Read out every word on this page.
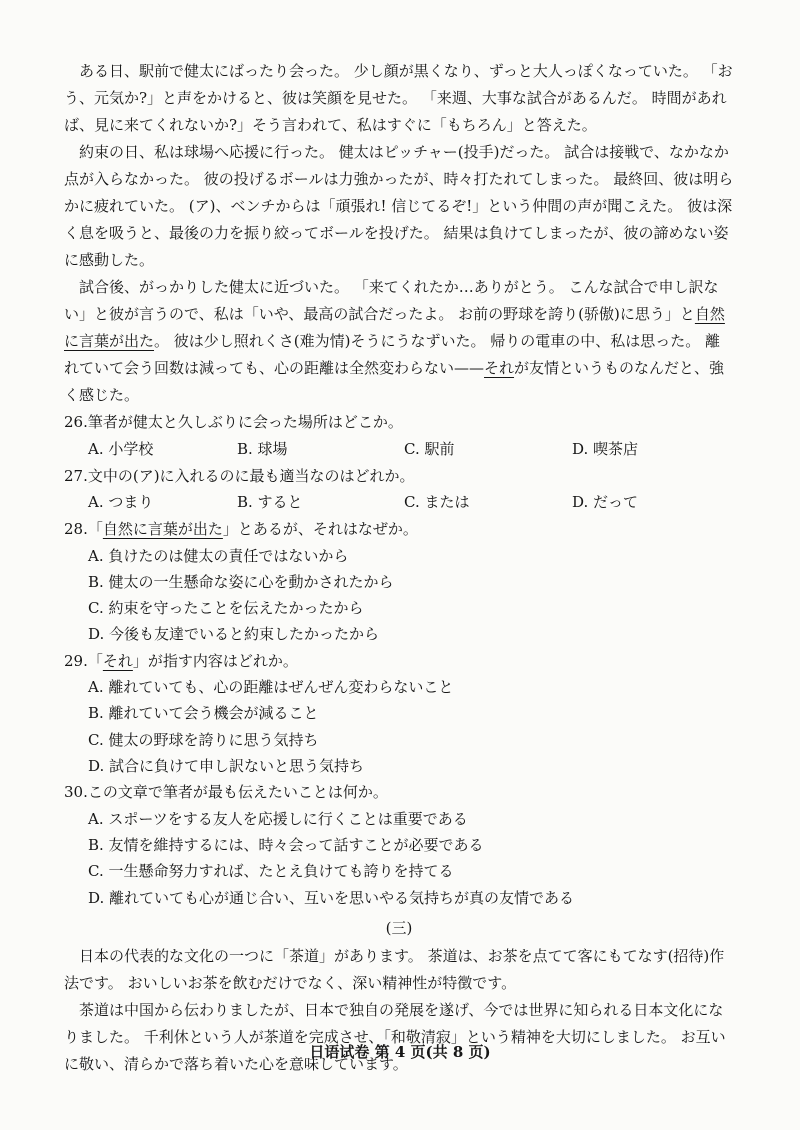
ある日、駅前で健太にばったり会った。 少し顔が黒くなり、ずっと大人っぽくなっていた。 「おう、元気か?」と声をかけると、彼は笑顔を見せた。 「来週、大事な試合があるんだ。 時間があれば、見に来てくれないか?」そう言われて、私はすぐに「もちろん」と答えた。

約束の日、私は球場へ応援に行った。 健太はピッチャー(投手)だった。 試合は接戦で、なかなか点が入らなかった。 彼の投げるボールは力強かったが、時々打たれてしまった。 最終回、彼は明らかに疲れていた。 (ア)、ベンチからは「頑張れ! 信じてるぞ!」という仲間の声が聞こえた。 彼は深く息を吸うと、最後の力を振り絞ってボールを投げた。 結果は負けてしまったが、彼の諦めない姿に感動した。

試合後、がっかりした健太に近づいた。 「来てくれたか…ありがとう。 こんな試合で申し訳ない」と彼が言うので、私は「いや、最高の試合だったよ。 お前の野球を誇り(骄傲)に思う」と自然に言葉が出た。 彼は少し照れくさ(难为情)そうにうなずいた。 帰りの電車の中、私は思った。 離れていて会う回数は減っても、心の距離は全然変わらない——それが友情というものなんだと、強く感じた。

26.筆者が健太と久しぶりに会った場所はどこか。

A. 小学校	B. 球場	C. 駅前	D. 喫茶店

27.文中の(ア)に入れるのに最も適当なのはどれか。

A. つまり	B. すると	C. または	D. だって

28.「自然に言葉が出た」とあるが、それはなぜか。

A. 負けたのは健太の責任ではないから
B. 健太の一生懸命な姿に心を動かされたから
C. 約束を守ったことを伝えたかったから
D. 今後も友達でいると約束したかったから

29.「それ」が指す内容はどれか。

A. 離れていても、心の距離はぜんぜん変わらないこと
B. 離れていて会う機会が減ること
C. 健太の野球を誇りに思う気持ち
D. 試合に負けて申し訳ないと思う気持ち

30.この文章で筆者が最も伝えたいことは何か。

A. スポーツをする友人を応援しに行くことは重要である
B. 友情を維持するには、時々会って話すことが必要である
C. 一生懸命努力すれば、たとえ負けても誇りを持てる
D. 離れていても心が通じ合い、互いを思いやる気持ちが真の友情である
(三)

日本の代表的な文化の一つに「茶道」があります。 茶道は、お茶を点てて客にもてなす(招待)作法です。 おいしいお茶を飲むだけでなく、深い精神性が特徴です。

茶道は中国から伝わりましたが、日本で独自の発展を遂げ、今では世界に知られる日本文化になりました。 千利休という人が茶道を完成させ、「和敬清寂」という精神を大切にしました。 お互いに敬い、清らかで落ち着いた心を意味しています。

日语试卷 第 4 页(共 8 页)
